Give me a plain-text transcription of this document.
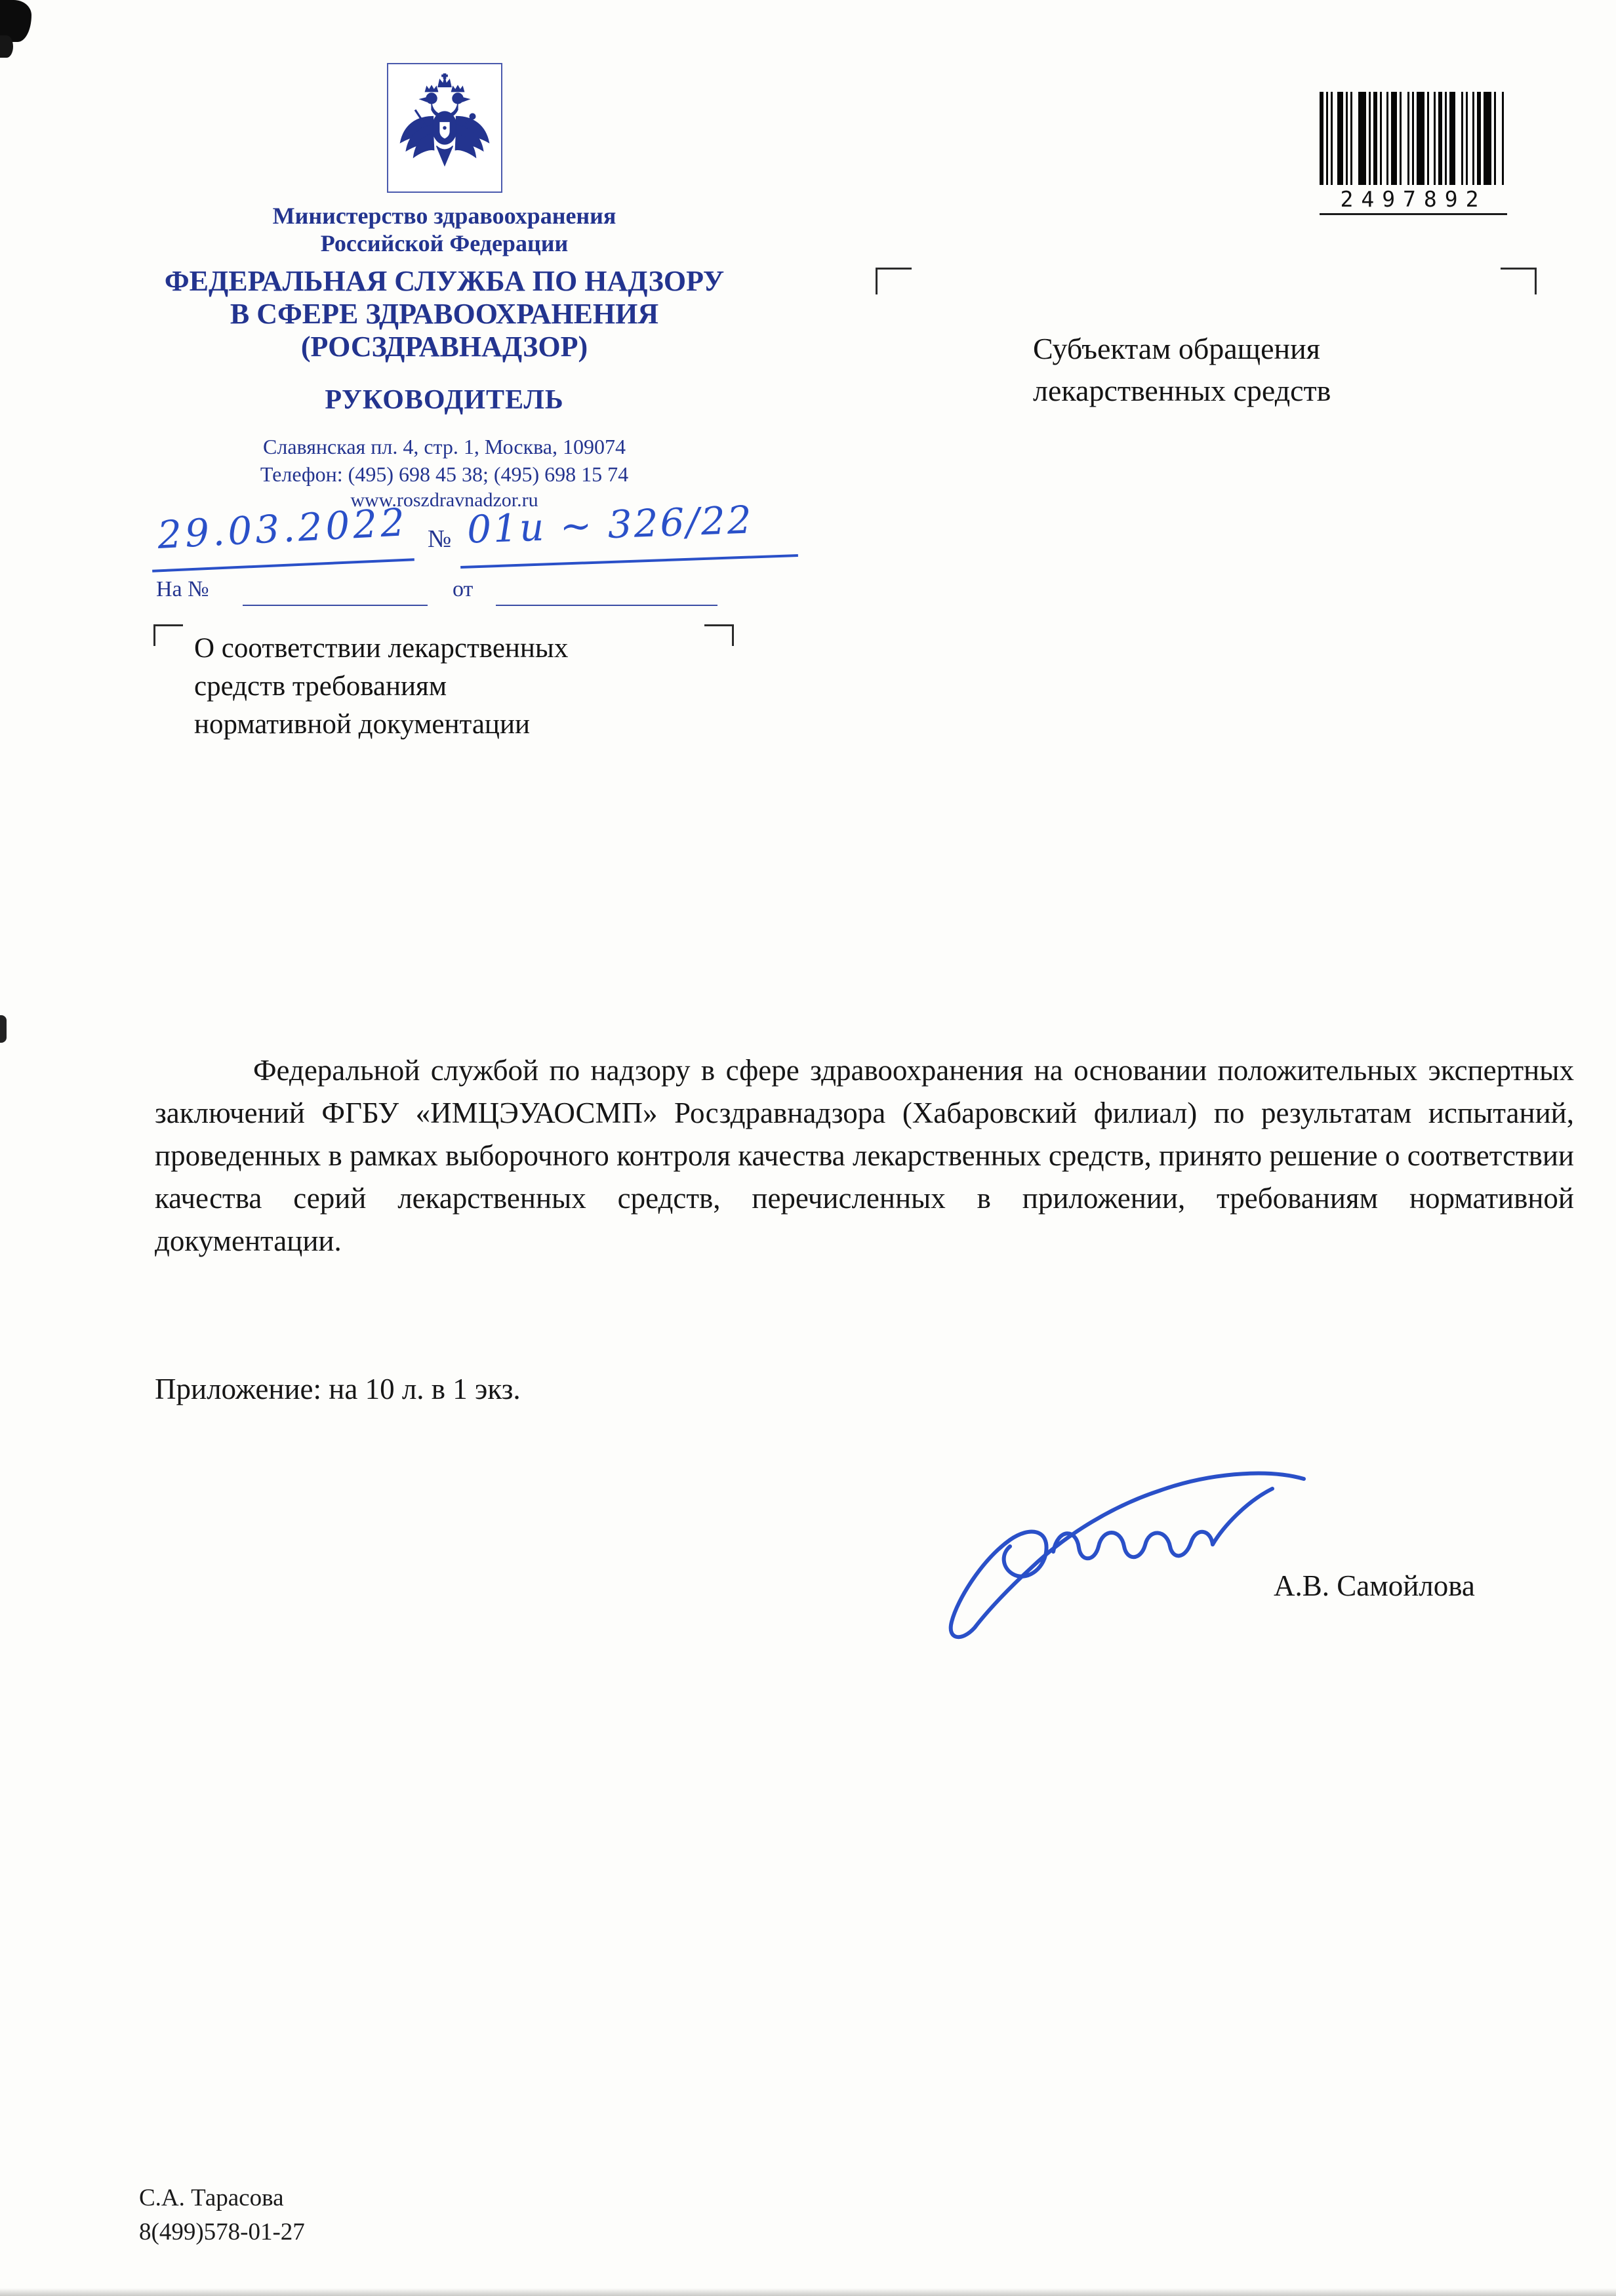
Министерство здравоохранения
Российской Федерации
ФЕДЕРАЛЬНАЯ СЛУЖБА ПО НАДЗОРУ
В СФЕРЕ ЗДРАВООХРАНЕНИЯ
(РОСЗДРАВНАДЗОР)
РУКОВОДИТЕЛЬ
Славянская пл. 4, стр. 1, Москва, 109074
Телефон: (495) 698 45 38; (495) 698 15 74
www.roszdravnadzor.ru
2497892
Субъектам обращения
лекарственных средств
29.03.2022 № 01и ~ 326/22
На №	от
О соответствии лекарственных
средств требованиям
нормативной документации
Федеральной службой по надзору в сфере здравоохранения на основании положительных экспертных заключений ФГБУ «ИМЦЭУАОСМП» Росздравнадзора (Хабаровский филиал) по результатам испытаний, проведенных в рамках выборочного контроля качества лекарственных средств, принято решение о соответствии качества серий лекарственных средств, перечисленных в приложении, требованиям нормативной документации.
Приложение: на 10 л. в 1 экз.
А.В. Самойлова
С.А. Тарасова
8(499)578-01-27
